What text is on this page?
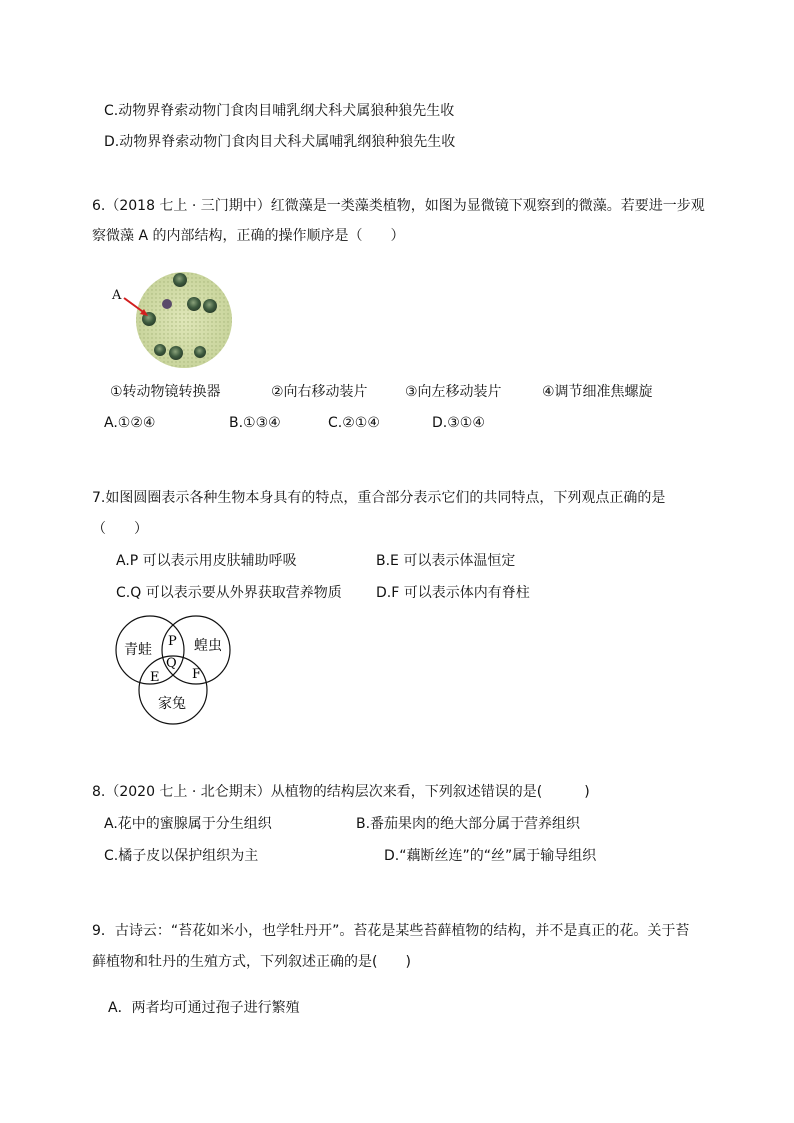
C.动物界脊索动物门食肉目哺乳纲犬科犬属狼种狼先生收
D.动物界脊索动物门食肉目犬科犬属哺乳纲狼种狼先生收
6.（2018 七上 · 三门期中）红微藻是一类藻类植物，如图为显微镜下观察到的微藻。若要进一步观
察微藻 A 的内部结构，正确的操作顺序是（　　）
A
①转动物镜转换器	②向右移动装片	③向左移动装片	④调节细准焦螺旋
A.①②④	B.①③④	C.②①④	D.③①④
7.如图圆圈表示各种生物本身具有的特点，重合部分表示它们的共同特点，下列观点正确的是
（　　）
A.P 可以表示用皮肤辅助呼吸	B.E 可以表示体温恒定
C.Q 可以表示要从外界获取营养物质 D.F 可以表示体内有脊柱
青蛙	蝗虫
家兔
P
Q
E	F
8.（2020 七上 · 北仑期末）从植物的结构层次来看，下列叙述错误的是(　　　)
A.花中的蜜腺属于分生组织	B.番茄果肉的绝大部分属于营养组织
C.橘子皮以保护组织为主	D.“藕断丝连”的“丝”属于输导组织
9．古诗云：“苔花如米小，也学牡丹开”。苔花是某些苔藓植物的结构，并不是真正的花。关于苔
藓植物和牡丹的生殖方式，下列叙述正确的是(　　)
A．两者均可通过孢子进行繁殖
